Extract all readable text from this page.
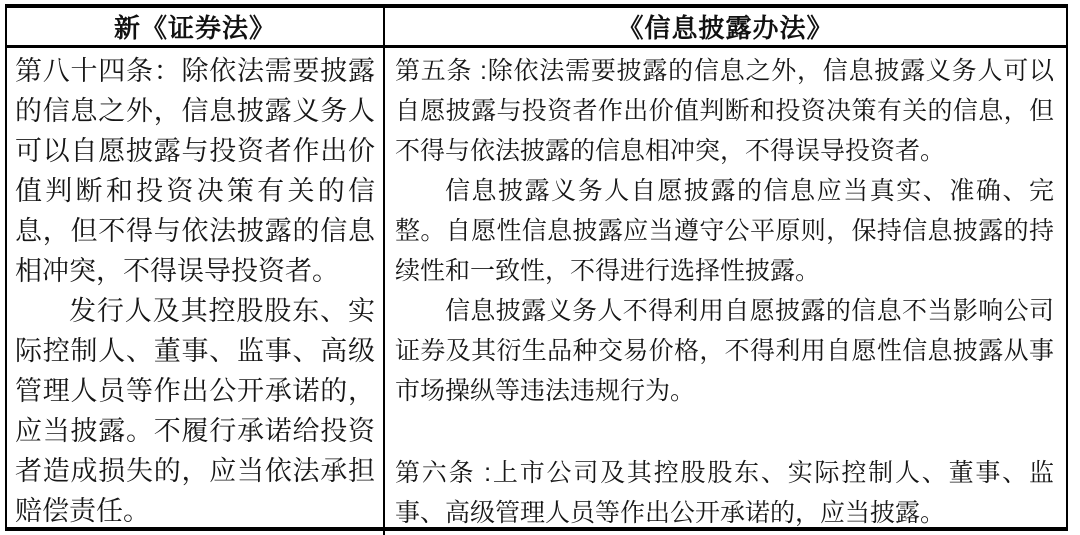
新《证券法》	《信息披露办法》

第八十四条：除依法需要披露的信息之外，信息披露义务人可以自愿披露与投资者作出价值判断和投资决策有关的信息，但不得与依法披露的信息相冲突，不得误导投资者。

发行人及其控股股东、实际控制人、董事、监事、高级管理人员等作出公开承诺的，应当披露。不履行承诺给投资者造成损失的，应当依法承担赔偿责任。

第五条 :除依法需要披露的信息之外，信息披露义务人可以自愿披露与投资者作出价值判断和投资决策有关的信息，但不得与依法披露的信息相冲突，不得误导投资者。

信息披露义务人自愿披露的信息应当真实、准确、完整。自愿性信息披露应当遵守公平原则，保持信息披露的持续性和一致性，不得进行选择性披露。

信息披露义务人不得利用自愿披露的信息不当影响公司证券及其衍生品种交易价格，不得利用自愿性信息披露从事市场操纵等违法违规行为。

第六条 :上市公司及其控股股东、实际控制人、董事、监事、高级管理人员等作出公开承诺的，应当披露。
